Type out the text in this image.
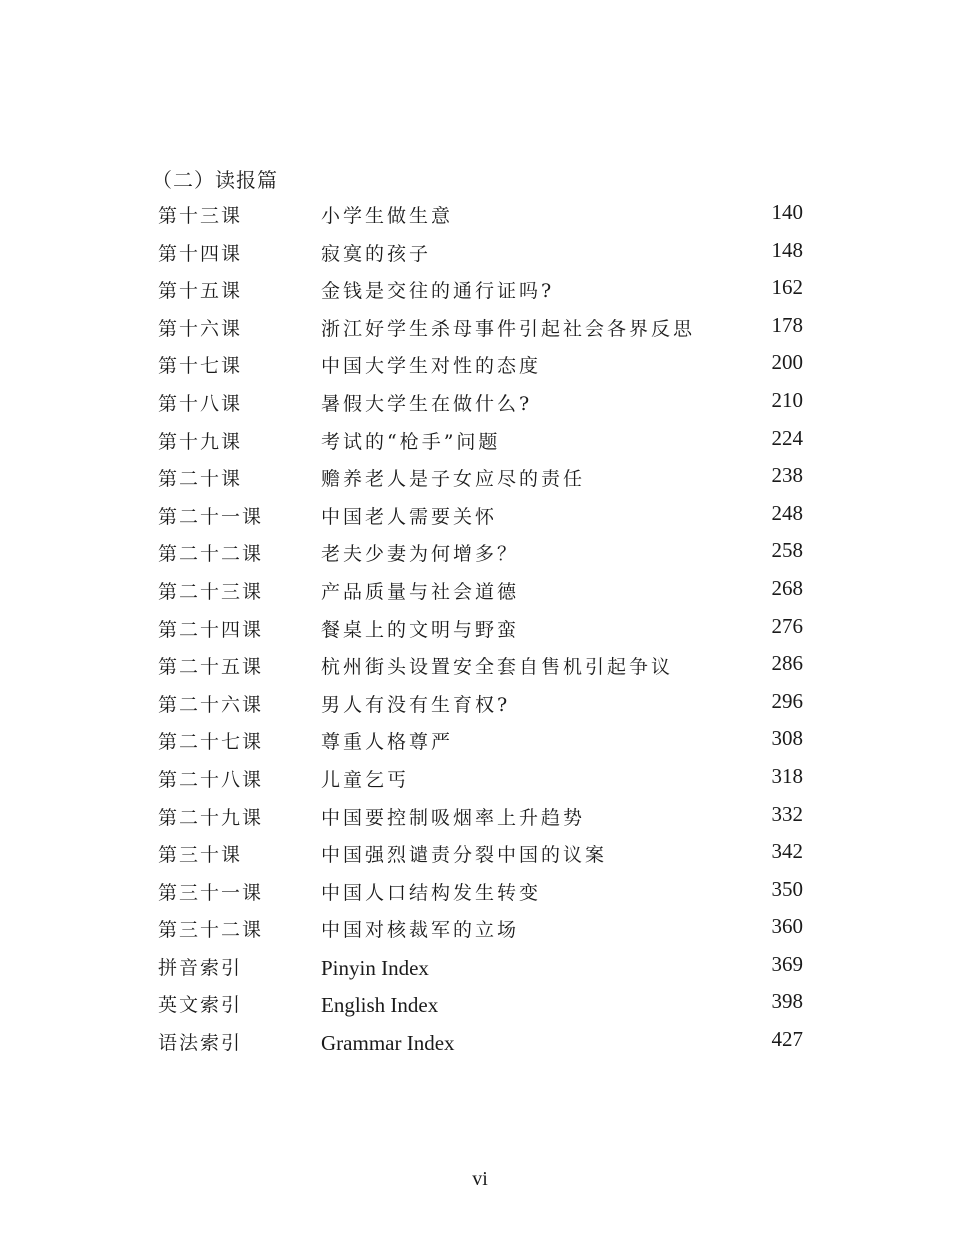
（二）读报篇
第十三课	小学生做生意	140
第十四课	寂寞的孩子	148
第十五课	金钱是交往的通行证吗?	162
第十六课	浙江好学生杀母事件引起社会各界反思	178
第十七课	中国大学生对性的态度	200
第十八课	暑假大学生在做什么?	210
第十九课	考试的“枪手”问题	224
第二十课	赡养老人是子女应尽的责任	238
第二十一课	中国老人需要关怀	248
第二十二课	老夫少妻为何增多？	258
第二十三课	产品质量与社会道德	268
第二十四课	餐桌上的文明与野蛮	276
第二十五课	杭州街头设置安全套自售机引起争议	286
第二十六课	男人有没有生育权?	296
第二十七课	尊重人格尊严	308
第二十八课	儿童乞丐	318
第二十九课	中国要控制吸烟率上升趋势	332
第三十课	中国强烈谴责分裂中国的议案	342
第三十一课	中国人口结构发生转变	350
第三十二课	中国对核裁军的立场	360
拼音索引	Pinyin Index	369
英文索引	English Index	398
语法索引	Grammar Index	427
vi
